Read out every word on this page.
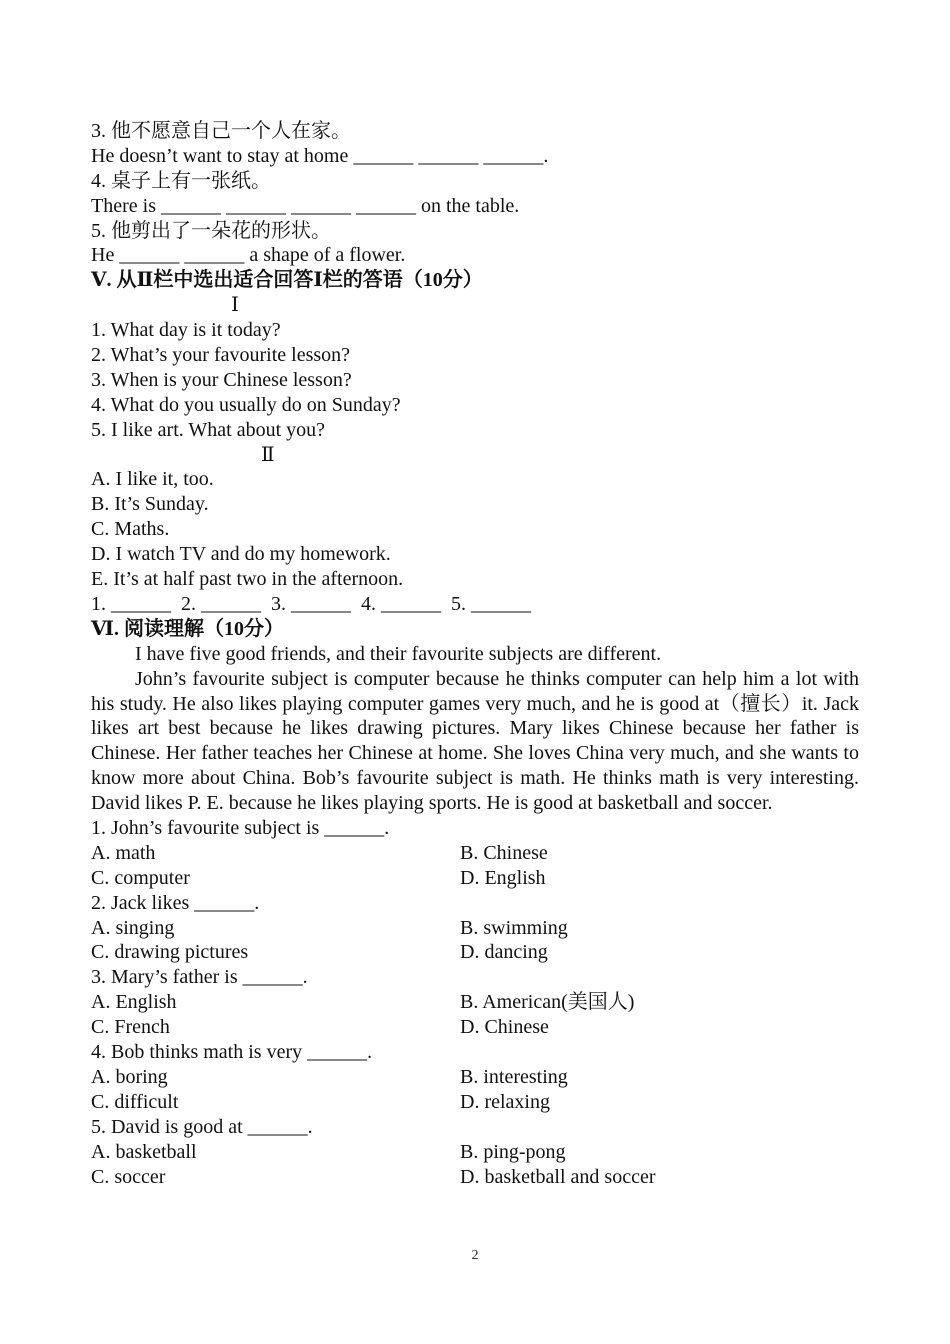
3. 他不愿意自己一个人在家。
He doesn’t want to stay at home ______ ______ ______.
4. 桌子上有一张纸。
There is ______ ______ ______ ______ on the table.
5. 他剪出了一朵花的形状。
He ______ ______ a shape of a flower.
Ⅴ. 从Ⅱ栏中选出适合回答Ⅰ栏的答语（10分）
Ⅰ
1. What day is it today?
2. What’s your favourite lesson?
3. When is your Chinese lesson?
4. What do you usually do on Sunday?
5. I like art. What about you?
Ⅱ
A. I like it, too.
B. It’s Sunday.
C. Maths.
D. I watch TV and do my homework.
E. It’s at half past two in the afternoon.
1. ______  2. ______  3. ______  4. ______  5. ______
Ⅵ. 阅读理解（10分）
I have five good friends, and their favourite subjects are different.
John’s favourite subject is computer because he thinks computer can help him a lot with his study. He also likes playing computer games very much, and he is good at（擅长）it. Jack likes art best because he likes drawing pictures. Mary likes Chinese because her father is Chinese. Her father teaches her Chinese at home. She loves China very much, and she wants to know more about China. Bob’s favourite subject is math. He thinks math is very interesting. David likes P. E. because he likes playing sports. He is good at basketball and soccer.
1. John’s favourite subject is ______.
A. math	B. Chinese
C. computer	D. English
2. Jack likes ______.
A. singing	B. swimming
C. drawing pictures	D. dancing
3. Mary’s father is ______.
A. English	B. American(美国人)
C. French	D. Chinese
4. Bob thinks math is very ______.
A. boring	B. interesting
C. difficult	D. relaxing
5. David is good at ______.
A. basketball	B. ping-pong
C. soccer	D. basketball and soccer
2
